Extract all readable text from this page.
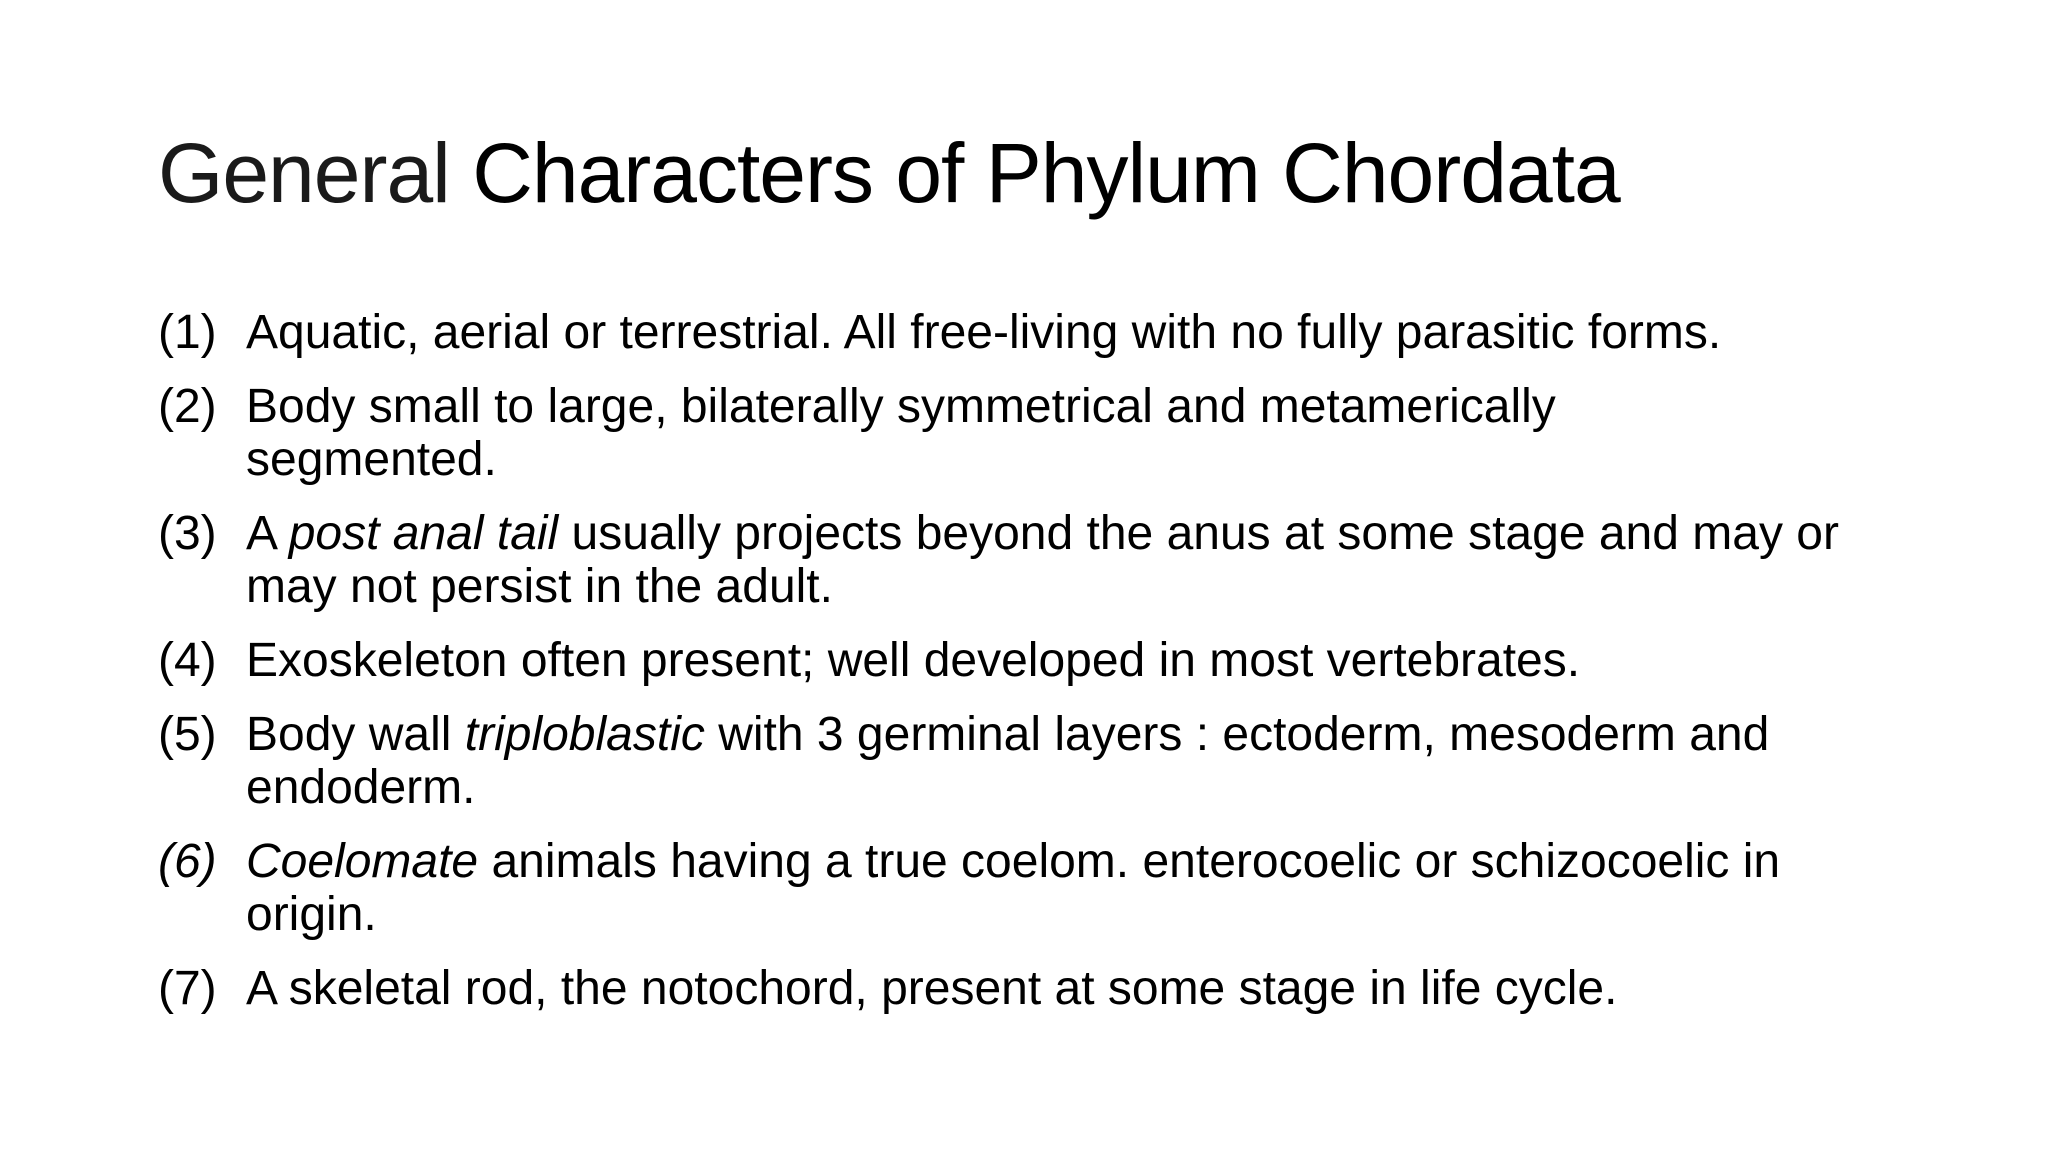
General Characters of Phylum Chordata
(1) Aquatic, aerial or terrestrial. All free-living with no fully parasitic forms.
(2) Body small to large, bilaterally symmetrical and metamerically segmented.
(3) A post anal tail usually projects beyond the anus at some stage and may or may not persist in the adult.
(4) Exoskeleton often present; well developed in most vertebrates.
(5) Body wall triploblastic with 3 germinal layers : ectoderm, mesoderm and endoderm.
(6) Coelomate animals having a true coelom. enterocoelic or schizocoelic in origin.
(7) A skeletal rod, the notochord, present at some stage in life cycle.
